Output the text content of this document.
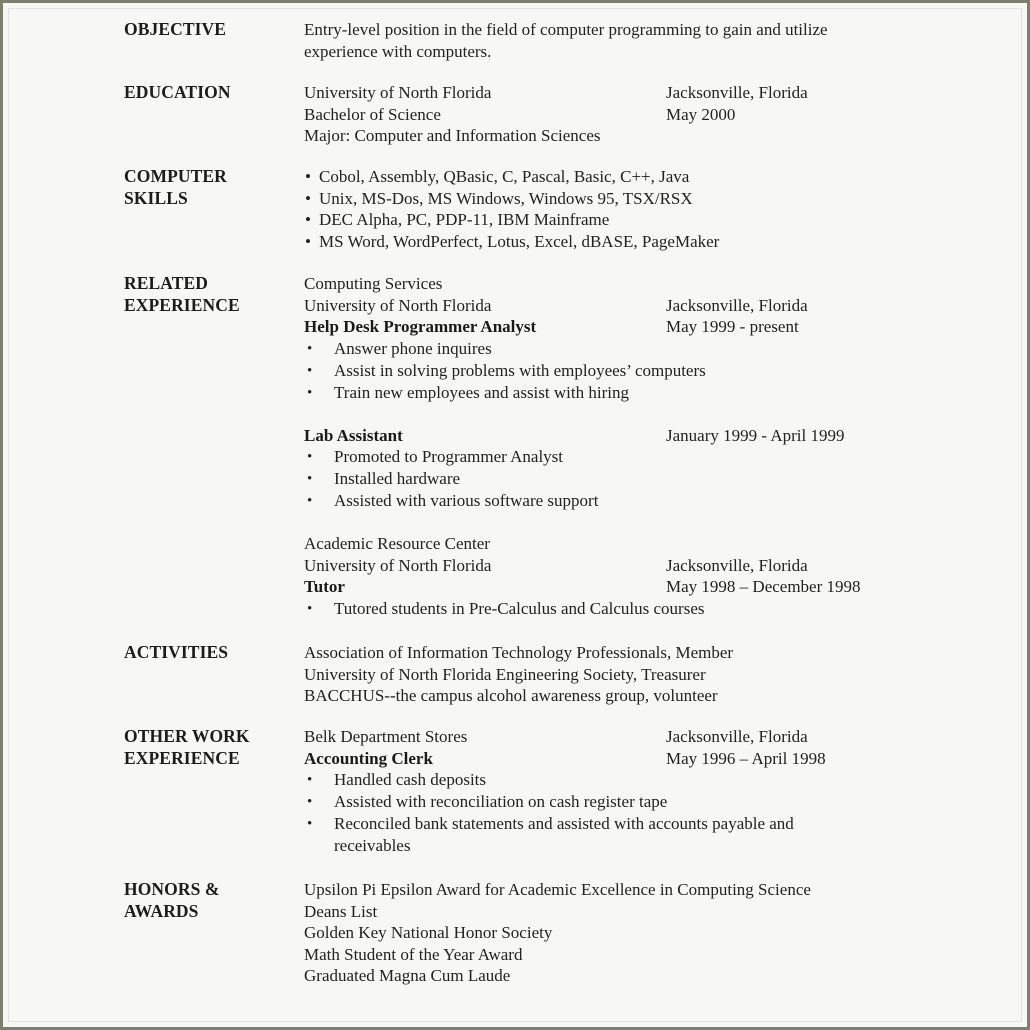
OBJECTIVE	Entry-level position in the field of computer programming to gain and utilize
experience with computers.
EDUCATION	University of North Florida	Jacksonville, Florida
Bachelor of Science	May 2000
Major: Computer and Information Sciences
COMPUTER
SKILLS
• Cobol, Assembly, QBasic, C, Pascal, Basic, C++, Java
• Unix, MS-Dos, MS Windows, Windows 95, TSX/RSX
• DEC Alpha, PC, PDP-11, IBM Mainframe
• MS Word, WordPerfect, Lotus, Excel, dBASE, PageMaker
RELATED
EXPERIENCE
Computing Services
University of North Florida	Jacksonville, Florida
Help Desk Programmer Analyst	May 1999 - present
• Answer phone inquires
• Assist in solving problems with employees’ computers
• Train new employees and assist with hiring
Lab Assistant	January 1999 - April 1999
• Promoted to Programmer Analyst
• Installed hardware
• Assisted with various software support
Academic Resource Center
University of North Florida	Jacksonville, Florida
Tutor	May 1998 – December 1998
• Tutored students in Pre-Calculus and Calculus courses
ACTIVITIES	Association of Information Technology Professionals, Member
University of North Florida Engineering Society, Treasurer
BACCHUS--the campus alcohol awareness group, volunteer
OTHER WORK
EXPERIENCE
Belk Department Stores	Jacksonville, Florida
Accounting Clerk	May 1996 – April 1998
• Handled cash deposits
• Assisted with reconciliation on cash register tape
• Reconciled bank statements and assisted with accounts payable and receivables
HONORS &
AWARDS
Upsilon Pi Epsilon Award for Academic Excellence in Computing Science
Deans List
Golden Key National Honor Society
Math Student of the Year Award
Graduated Magna Cum Laude
